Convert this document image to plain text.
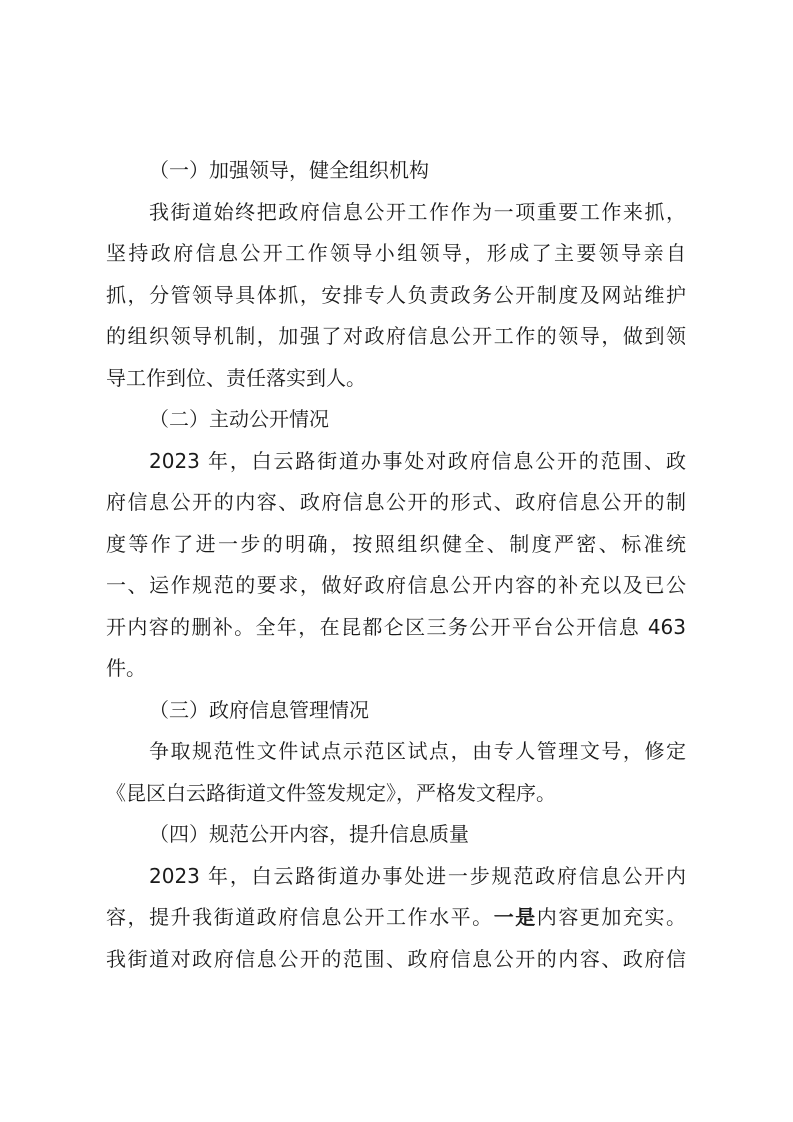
（一）加强领导，健全组织机构
我街道始终把政府信息公开工作作为一项重要工作来抓，
坚持政府信息公开工作领导小组领导，形成了主要领导亲自
抓，分管领导具体抓，安排专人负责政务公开制度及网站维护
的组织领导机制，加强了对政府信息公开工作的领导，做到领
导工作到位、责任落实到人。
（二）主动公开情况
2023 年，白云路街道办事处对政府信息公开的范围、政
府信息公开的内容、政府信息公开的形式、政府信息公开的制
度等作了进一步的明确，按照组织健全、制度严密、标准统
一、运作规范的要求，做好政府信息公开内容的补充以及已公
开内容的删补。全年，在昆都仑区三务公开平台公开信息 463
件。
（三）政府信息管理情况
争取规范性文件试点示范区试点，由专人管理文号，修定
《昆区白云路街道文件签发规定》，严格发文程序。
（四）规范公开内容，提升信息质量
2023 年，白云路街道办事处进一步规范政府信息公开内
容，提升我街道政府信息公开工作水平。一是内容更加充实。
我街道对政府信息公开的范围、政府信息公开的内容、政府信
